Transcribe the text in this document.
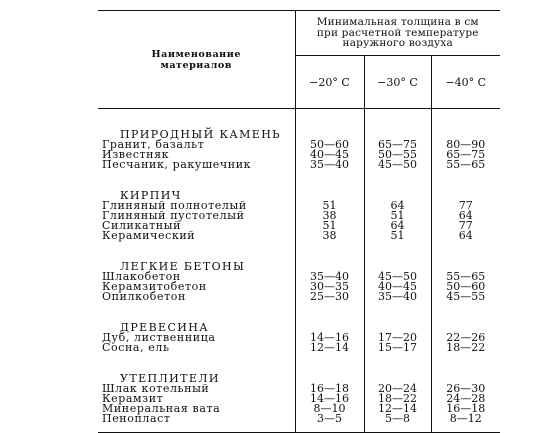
Наименование
материалов	Минимальная толщина в см
при расчетной температуре
наружного воздуха		
	−20° С	−30° С	−40° С

ПРИРОДНЫЙ КАМЕНЬ			
Гранит, базальт	50—60	65—75	80—90
Известняк	40—45	50—55	65—75
Песчаник, ракушечник	35—40	45—50	55—65

КИРПИЧ			
Глиняный полнотелый	51	64	77
Глиняный пустотелый	38	51	64
Силикатный	51	64	77
Керамический	38	51	64

ЛЕГКИЕ БЕТОНЫ			
Шлакобетон	35—40	45—50	55—65
Керамзитобетон	30—35	40—45	50—60
Опилкобетон	25—30	35—40	45—55

ДРЕВЕСИНА			
Дуб, лиственница	14—16	17—20	22—26
Сосна, ель	12—14	15—17	18—22

УТЕПЛИТЕЛИ			
Шлак котельный	16—18	20—24	26—30
Керамзит	14—16	18—22	24—28
Минеральная вата	8—10	12—14	16—18
Пенопласт	3—5	5—8	8—12
